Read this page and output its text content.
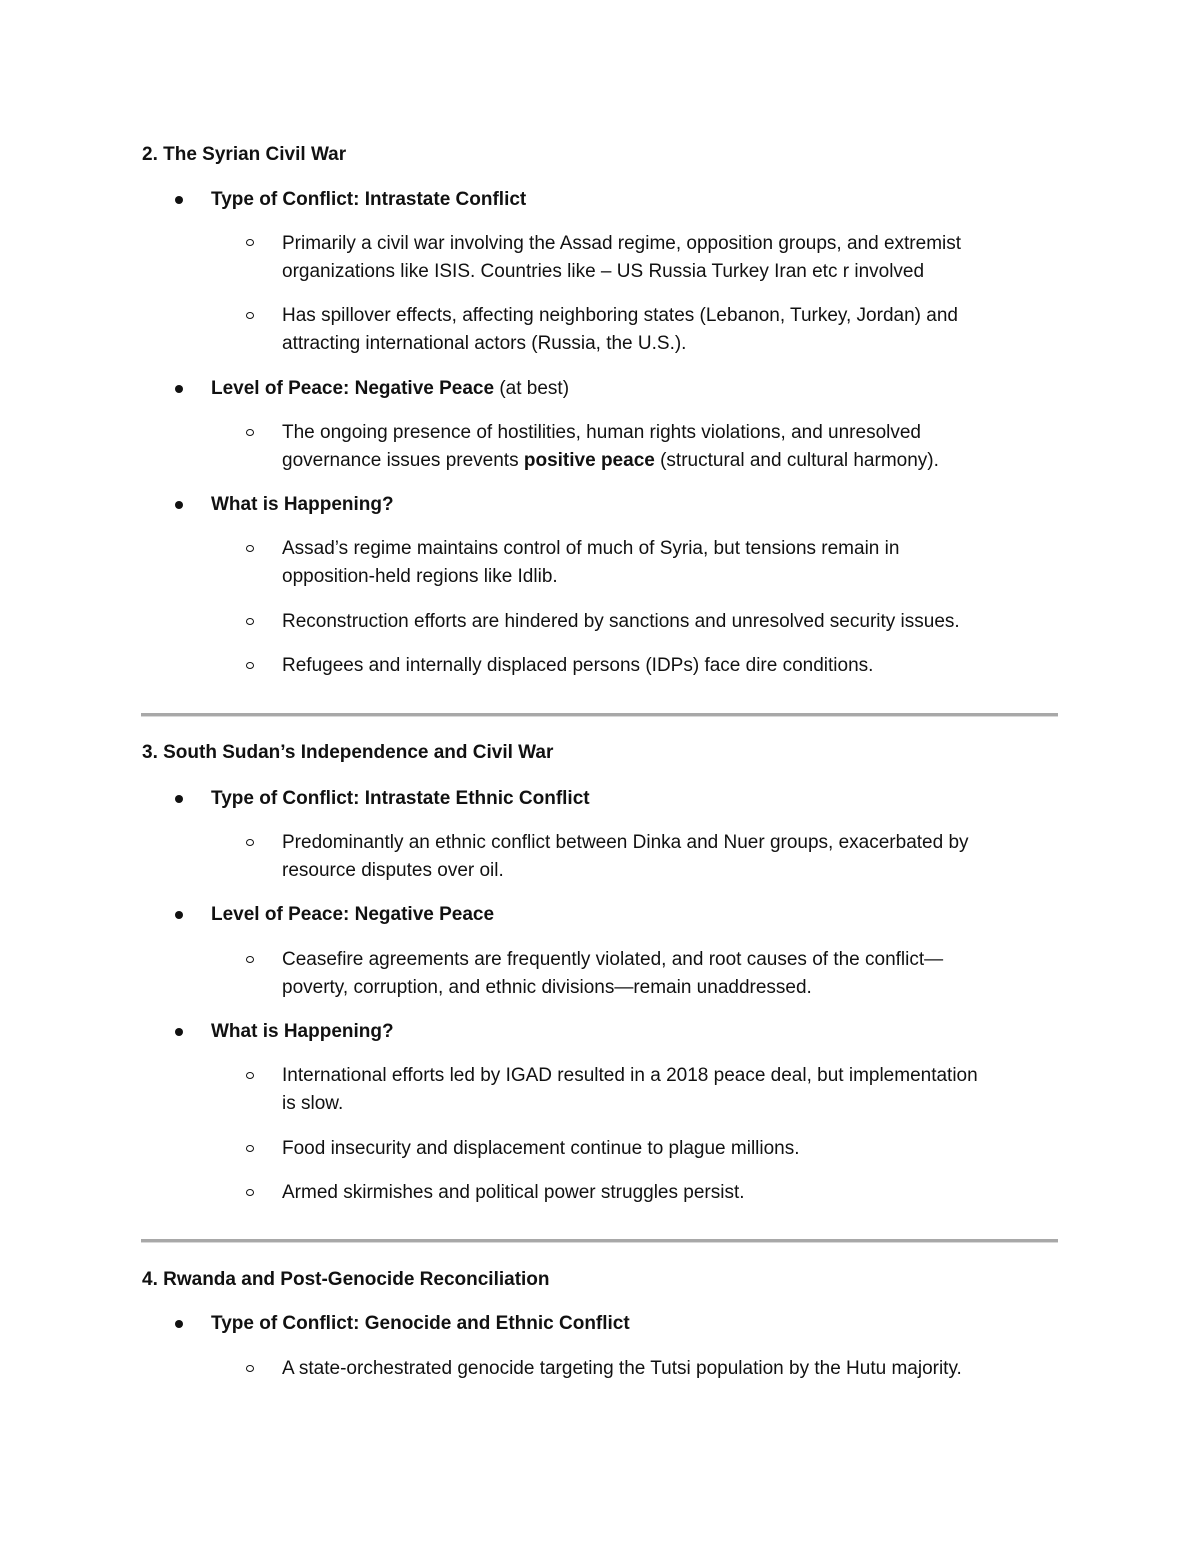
2. The Syrian Civil War
Type of Conflict: Intrastate Conflict
Primarily a civil war involving the Assad regime, opposition groups, and extremist
organizations like ISIS. Countries like – US Russia Turkey Iran etc r involved
Has spillover effects, affecting neighboring states (Lebanon, Turkey, Jordan) and
attracting international actors (Russia, the U.S.).
Level of Peace: Negative Peace (at best)
The ongoing presence of hostilities, human rights violations, and unresolved
governance issues prevents positive peace (structural and cultural harmony).
What is Happening?
Assad’s regime maintains control of much of Syria, but tensions remain in
opposition-held regions like Idlib.
Reconstruction efforts are hindered by sanctions and unresolved security issues.
Refugees and internally displaced persons (IDPs) face dire conditions.
3. South Sudan’s Independence and Civil War
Type of Conflict: Intrastate Ethnic Conflict
Predominantly an ethnic conflict between Dinka and Nuer groups, exacerbated by
resource disputes over oil.
Level of Peace: Negative Peace
Ceasefire agreements are frequently violated, and root causes of the conflict—
poverty, corruption, and ethnic divisions—remain unaddressed.
What is Happening?
International efforts led by IGAD resulted in a 2018 peace deal, but implementation
is slow.
Food insecurity and displacement continue to plague millions.
Armed skirmishes and political power struggles persist.
4. Rwanda and Post-Genocide Reconciliation
Type of Conflict: Genocide and Ethnic Conflict
A state-orchestrated genocide targeting the Tutsi population by the Hutu majority.
